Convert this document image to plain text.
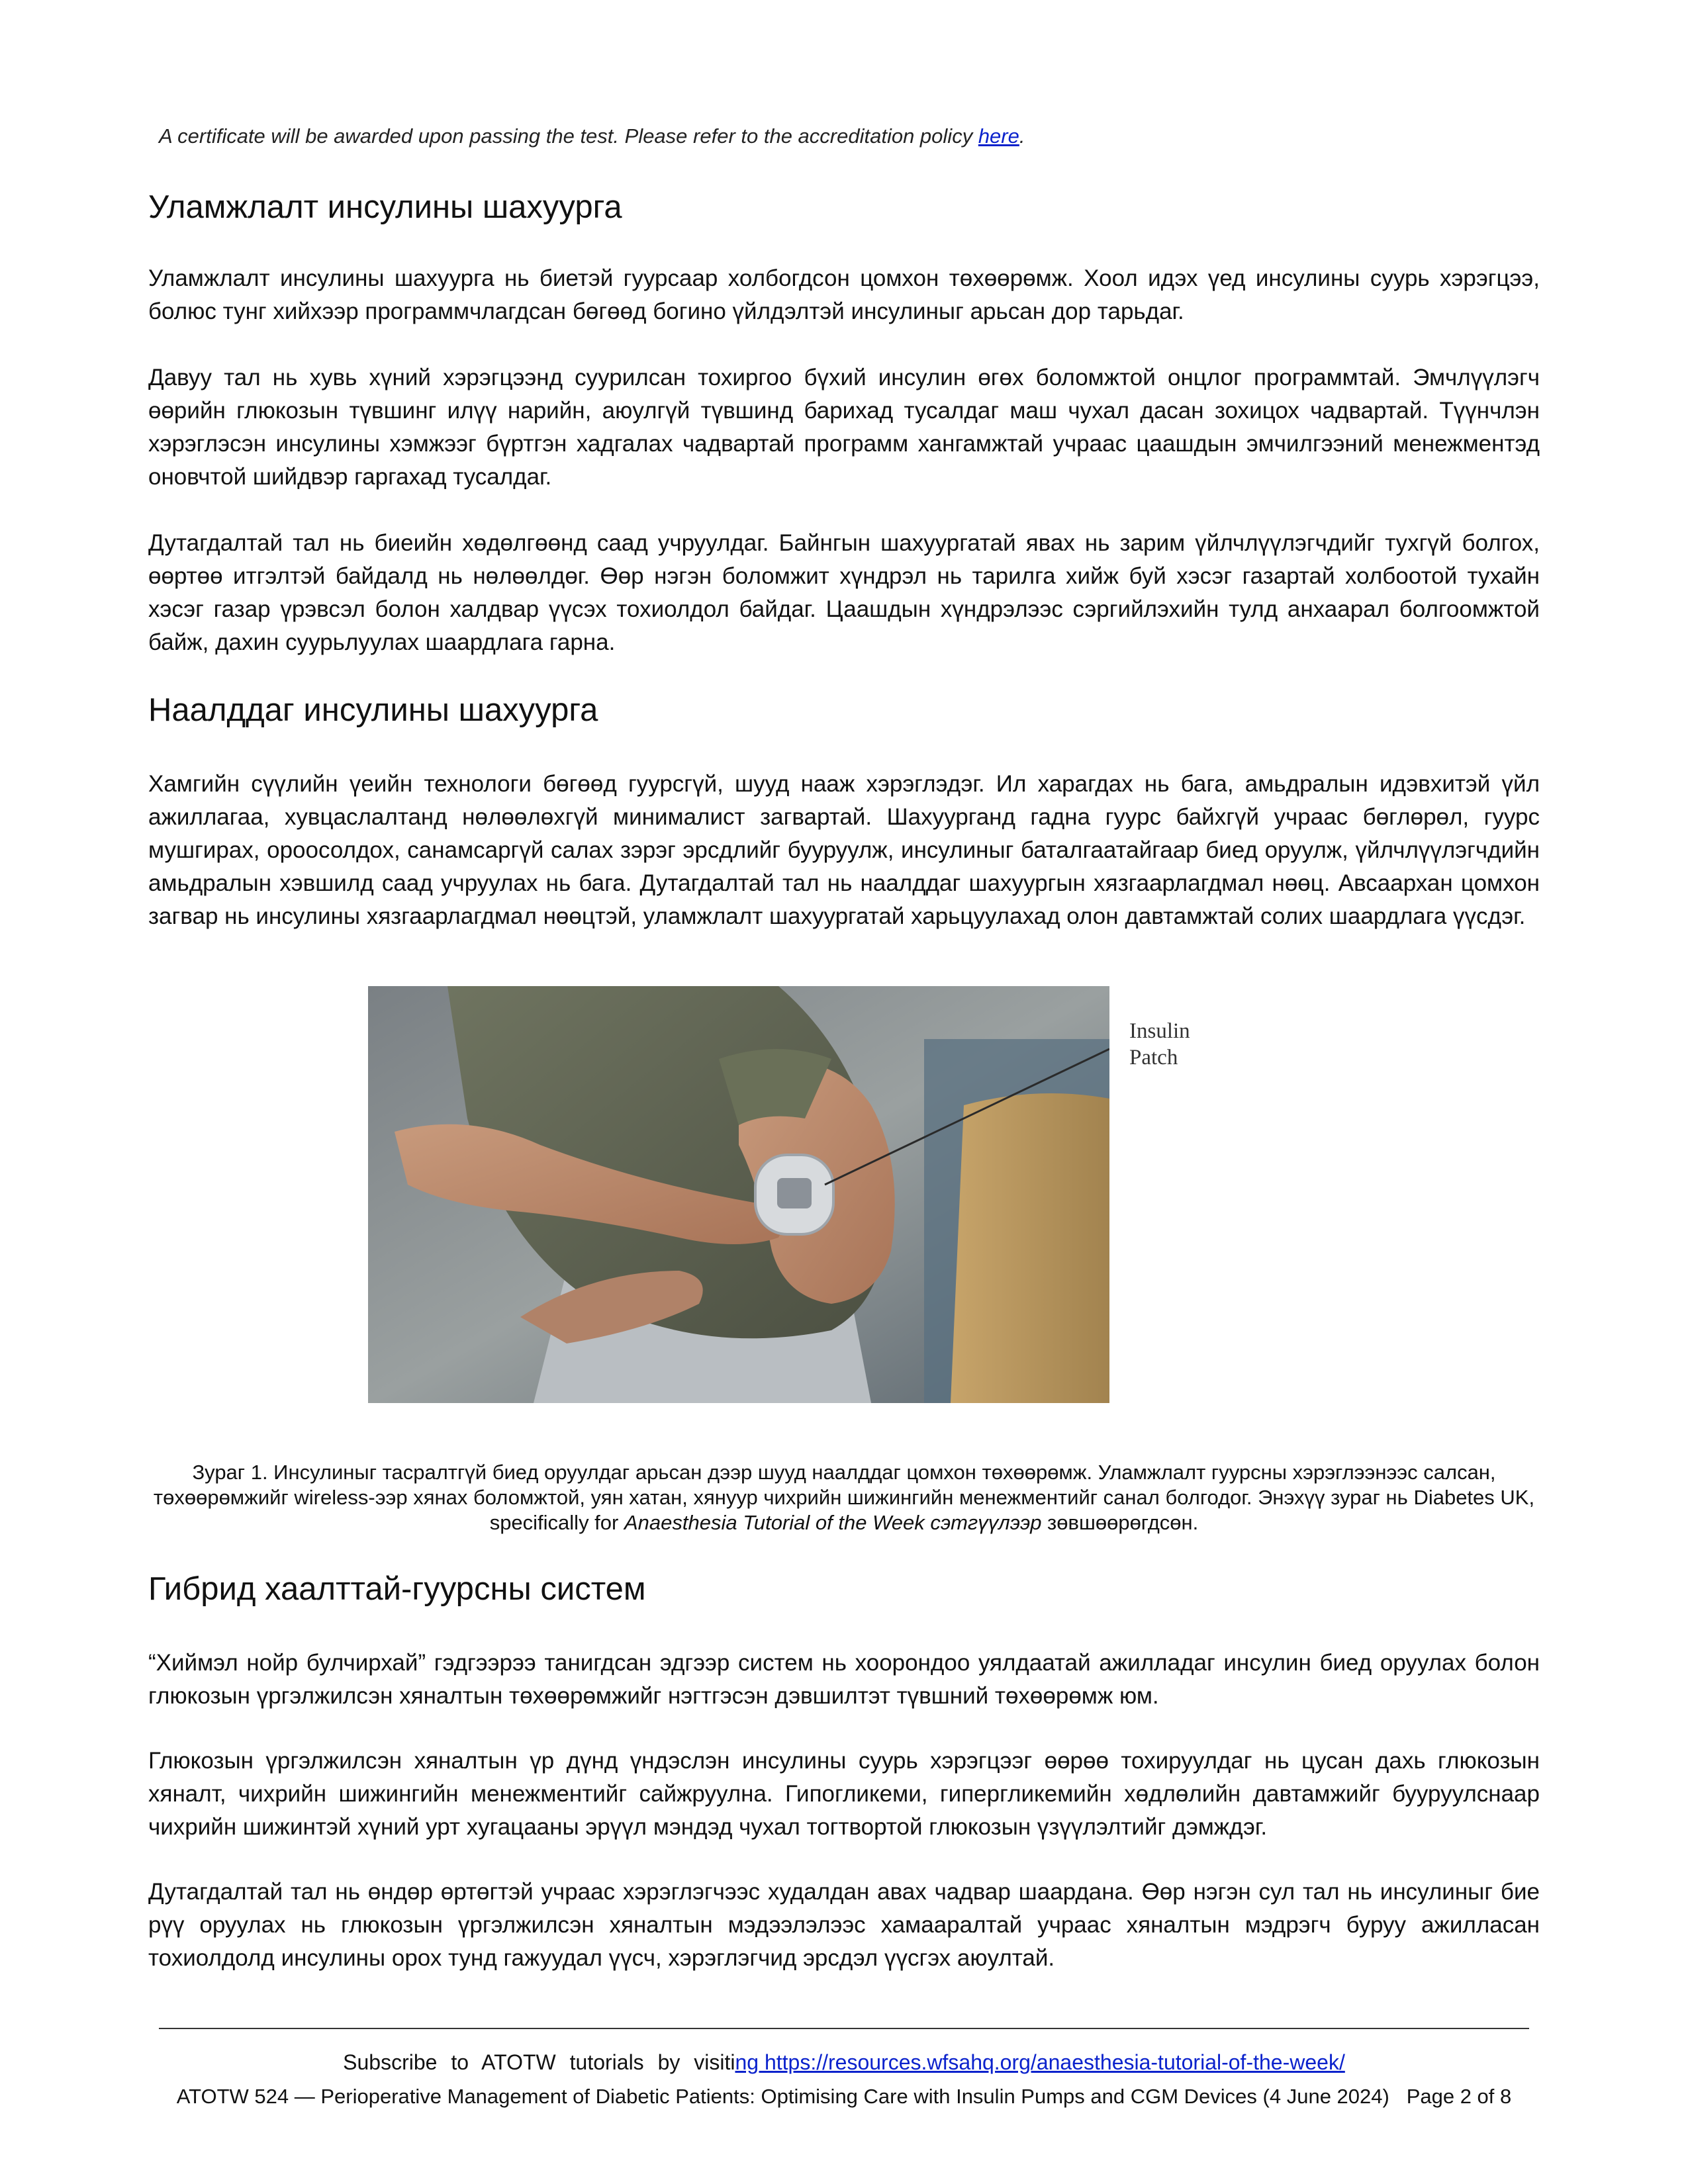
A certificate will be awarded upon passing the test. Please refer to the accreditation policy here.
Уламжлалт инсулины шахуурга

Уламжлалт инсулины шахуурга нь биетэй гуурсаар холбогдсон цомхон төхөөрөмж. Хоол идэх үед инсулины суурь хэрэгцээ, болюс тунг хийхээр программчлагдсан бөгөөд богино үйлдэлтэй инсулиныг арьсан дор тарьдаг.

Давуу тал нь хувь хүний хэрэгцээнд суурилсан тохиргоо бүхий инсулин өгөх боломжтой онцлог программтай. Эмчлүүлэгч өөрийн глюкозын түвшинг илүү нарийн, аюулгүй түвшинд барихад тусалдаг маш чухал дасан зохицох чадвартай. Түүнчлэн хэрэглэсэн инсулины хэмжээг бүртгэн хадгалах чадвартай программ хангамжтай учраас цаашдын эмчилгээний менежментэд оновчтой шийдвэр гаргахад тусалдаг.

Дутагдалтай тал нь биеийн хөдөлгөөнд саад учруулдаг. Байнгын шахуургатай явах нь зарим үйлчлүүлэгчдийг тухгүй болгох, өөртөө итгэлтэй байдалд нь нөлөөлдөг. Өөр нэгэн боломжит хүндрэл нь тарилга хийж буй хэсэг газартай холбоотой тухайн хэсэг газар үрэвсэл болон халдвар үүсэх тохиолдол байдаг. Цаашдын хүндрэлээс сэргийлэхийн тулд анхаарал болгоомжтой байж, дахин суурьлуулах шаардлага гарна.

Наалддаг инсулины шахуурга

Хамгийн сүүлийн үеийн технологи бөгөөд гуурсгүй, шууд нааж хэрэглэдэг. Ил харагдах нь бага, амьдралын идэвхитэй үйл ажиллагаа, хувцаслалтанд нөлөөлөхгүй минималист загвартай. Шахуурганд гадна гуурс байхгүй учраас бөглөрөл, гуурс мушгирах, ороосолдох, санамсаргүй салах зэрэг эрсдлийг бууруулж, инсулиныг баталгаатайгаар биед оруулж, үйлчлүүлэгчдийн амьдралын хэвшилд саад учруулах нь бага. Дутагдалтай тал нь наалддаг шахуургын хязгаарлагдмал нөөц. Авсаархан цомхон загвар нь инсулины хязгаарлагдмал нөөцтэй, уламжлалт шахуургатай харьцуулахад олон давтамжтай солих шаардлага үүсдэг.

Insulin
Patch
Зураг 1. Инсулиныг тасралтгүй биед оруулдаг арьсан дээр шууд наалддаг цомхон төхөөрөмж. Уламжлалт гуурсны хэрэглээнээс салсан, төхөөрөмжийг wireless-ээр хянах боломжтой, уян хатан, хянуур чихрийн шижингийн менежментийг санал болгодог. Энэхүү зураг нь Diabetes UK, specifically for Anaesthesia Tutorial of the Week сэтгүүлээр зөвшөөрөгдсөн.
Гибрид хаалттай-гуурсны систем

“Хиймэл нойр булчирхай” гэдгээрээ танигдсан эдгээр систем нь хоорондоо уялдаатай ажилладаг инсулин биед оруулах болон глюкозын үргэлжилсэн хяналтын төхөөрөмжийг нэгтгэсэн дэвшилтэт түвшний төхөөрөмж юм.

Глюкозын үргэлжилсэн хяналтын үр дүнд үндэслэн инсулины суурь хэрэгцээг өөрөө тохируулдаг нь цусан дахь глюкозын хяналт, чихрийн шижингийн менежментийг сайжруулна. Гипогликеми, гипергликемийн хөдлөлийн давтамжийг бууруулснаар чихрийн шижинтэй хүний урт хугацааны эрүүл мэндэд чухал тогтвортой глюкозын үзүүлэлтийг дэмждэг.

Дутагдалтай тал нь өндөр өртөгтэй учраас хэрэглэгчээс худалдан авах чадвар шаардана. Өөр нэгэн сул тал нь инсулиныг бие рүү оруулах нь глюкозын үргэлжилсэн хяналтын мэдээлэлээс хамааралтай учраас хяналтын мэдрэгч буруу ажилласан тохиолдолд инсулины орох тунд гажуудал үүсч, хэрэглэгчид эрсдэл үүсгэх аюултай.

Subscribe to ATOTW tutorials by visiting https://resources.wfsahq.org/anaesthesia-tutorial-of-the-week/
ATOTW 524 — Perioperative Management of Diabetic Patients: Optimising Care with Insulin Pumps and CGM Devices (4 June 2024) Page 2 of 8
